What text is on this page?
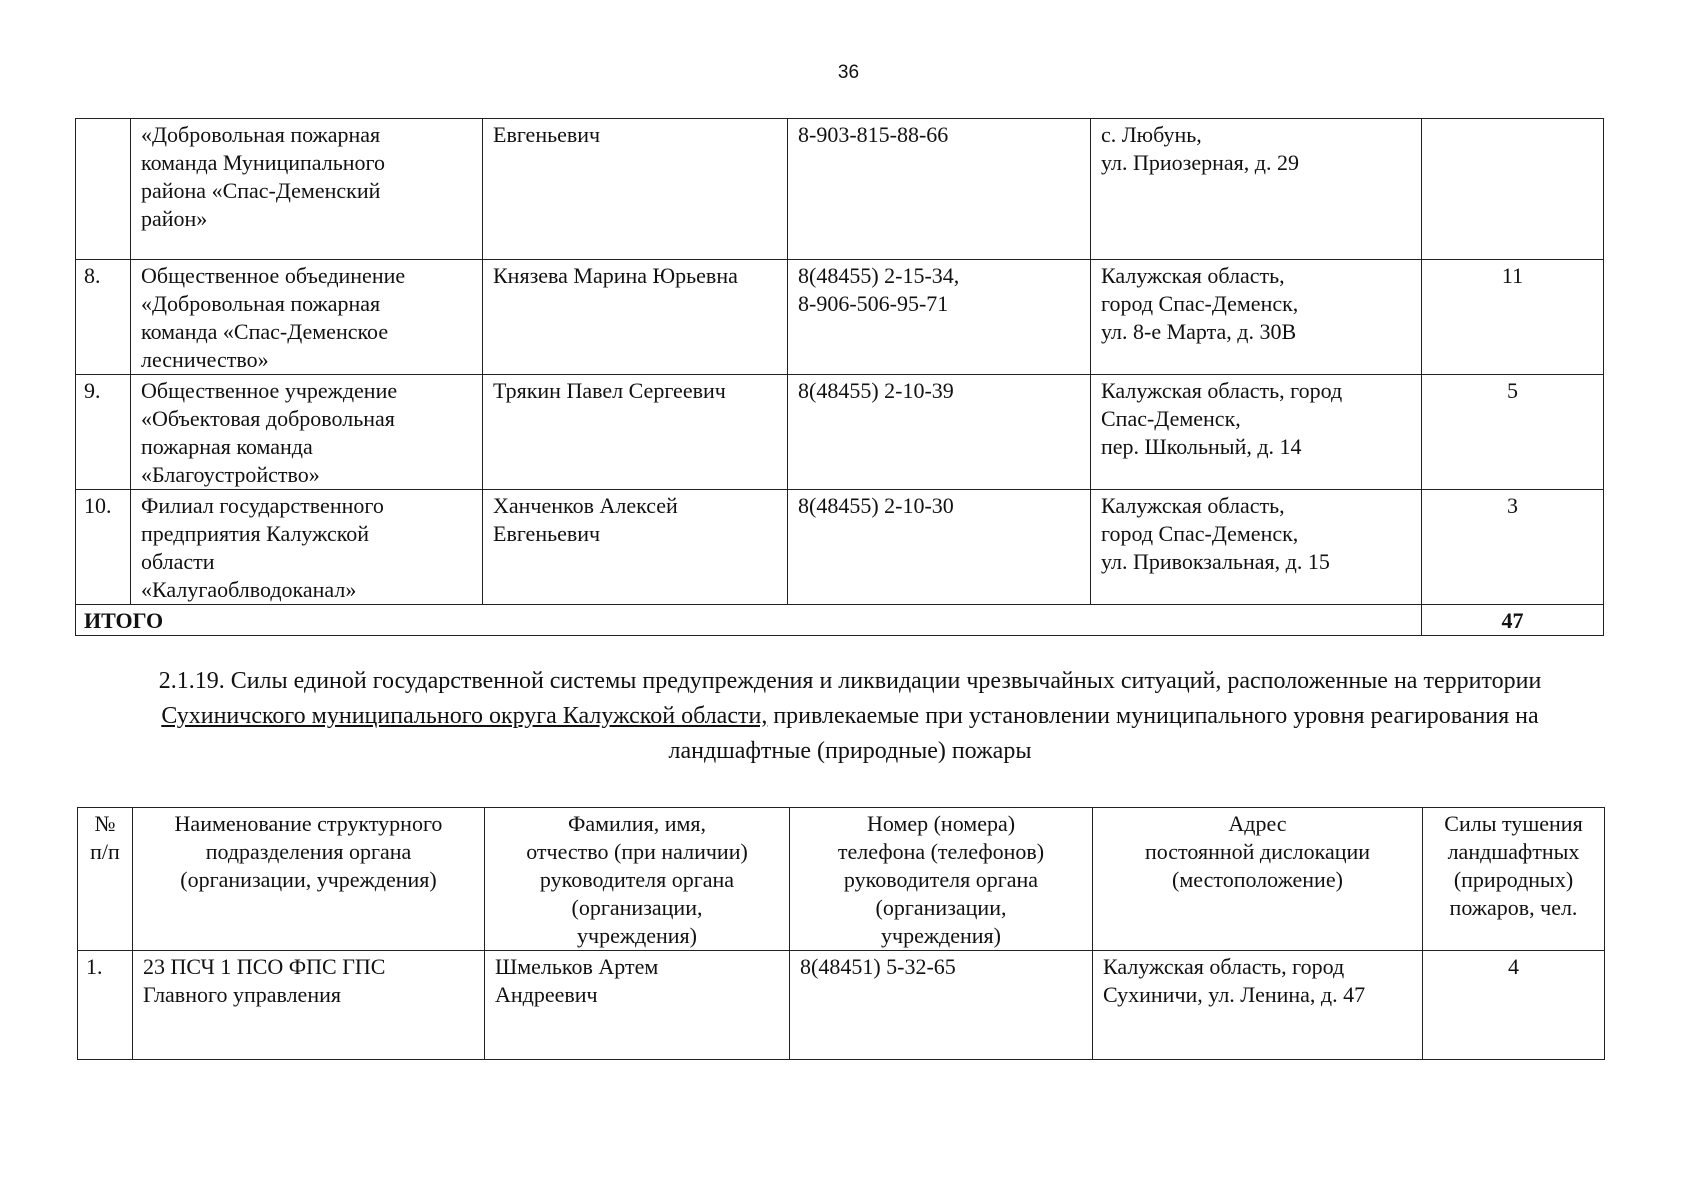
36
	«Добровольная пожарная
команда Муниципального
района «Спас-Деменский
район»	Евгеньевич	8-903-815-88-66	с. Любунь,
ул. Приозерная, д. 29	
8.	Общественное объединение
«Добровольная пожарная
команда «Спас-Деменское
лесничество»	Князева Марина Юрьевна	8(48455) 2-15-34,
8-906-506-95-71	Калужская область,
город Спас-Деменск,
ул. 8-е Марта, д. 30В	11
9.	Общественное учреждение
«Объектовая добровольная
пожарная команда
«Благоустройство»	Трякин Павел Сергеевич	8(48455) 2-10-39	Калужская область, город
Спас-Деменск,
пер. Школьный, д. 14	5
10.	Филиал государственного
предприятия Калужской
области
«Калугаоблводоканал»	Ханченков Алексей
Евгеньевич	8(48455) 2-10-30	Калужская область,
город Спас-Деменск,
ул. Привокзальная, д. 15	3
ИТОГО					47
2.1.19. Силы единой государственной системы предупреждения и ликвидации чрезвычайных ситуаций, расположенные на территории Сухиничского муниципального округа Калужской области, привлекаемые при установлении муниципального уровня реагирования на ландшафтные (природные) пожары
№
п/п	Наименование структурного
подразделения органа
(организации, учреждения)	Фамилия, имя,
отчество (при наличии)
руководителя органа
(организации,
учреждения)	Номер (номера)
телефона (телефонов)
руководителя органа
(организации,
учреждения)	Адрес
постоянной дислокации
(местоположение)	Силы тушения
ландшафтных
(природных)
пожаров, чел.
1.	23 ПСЧ 1 ПСО ФПС ГПС
Главного управления	Шмельков Артем
Андреевич	8(48451) 5-32-65	Калужская область, город
Сухиничи, ул. Ленина, д. 47	4
